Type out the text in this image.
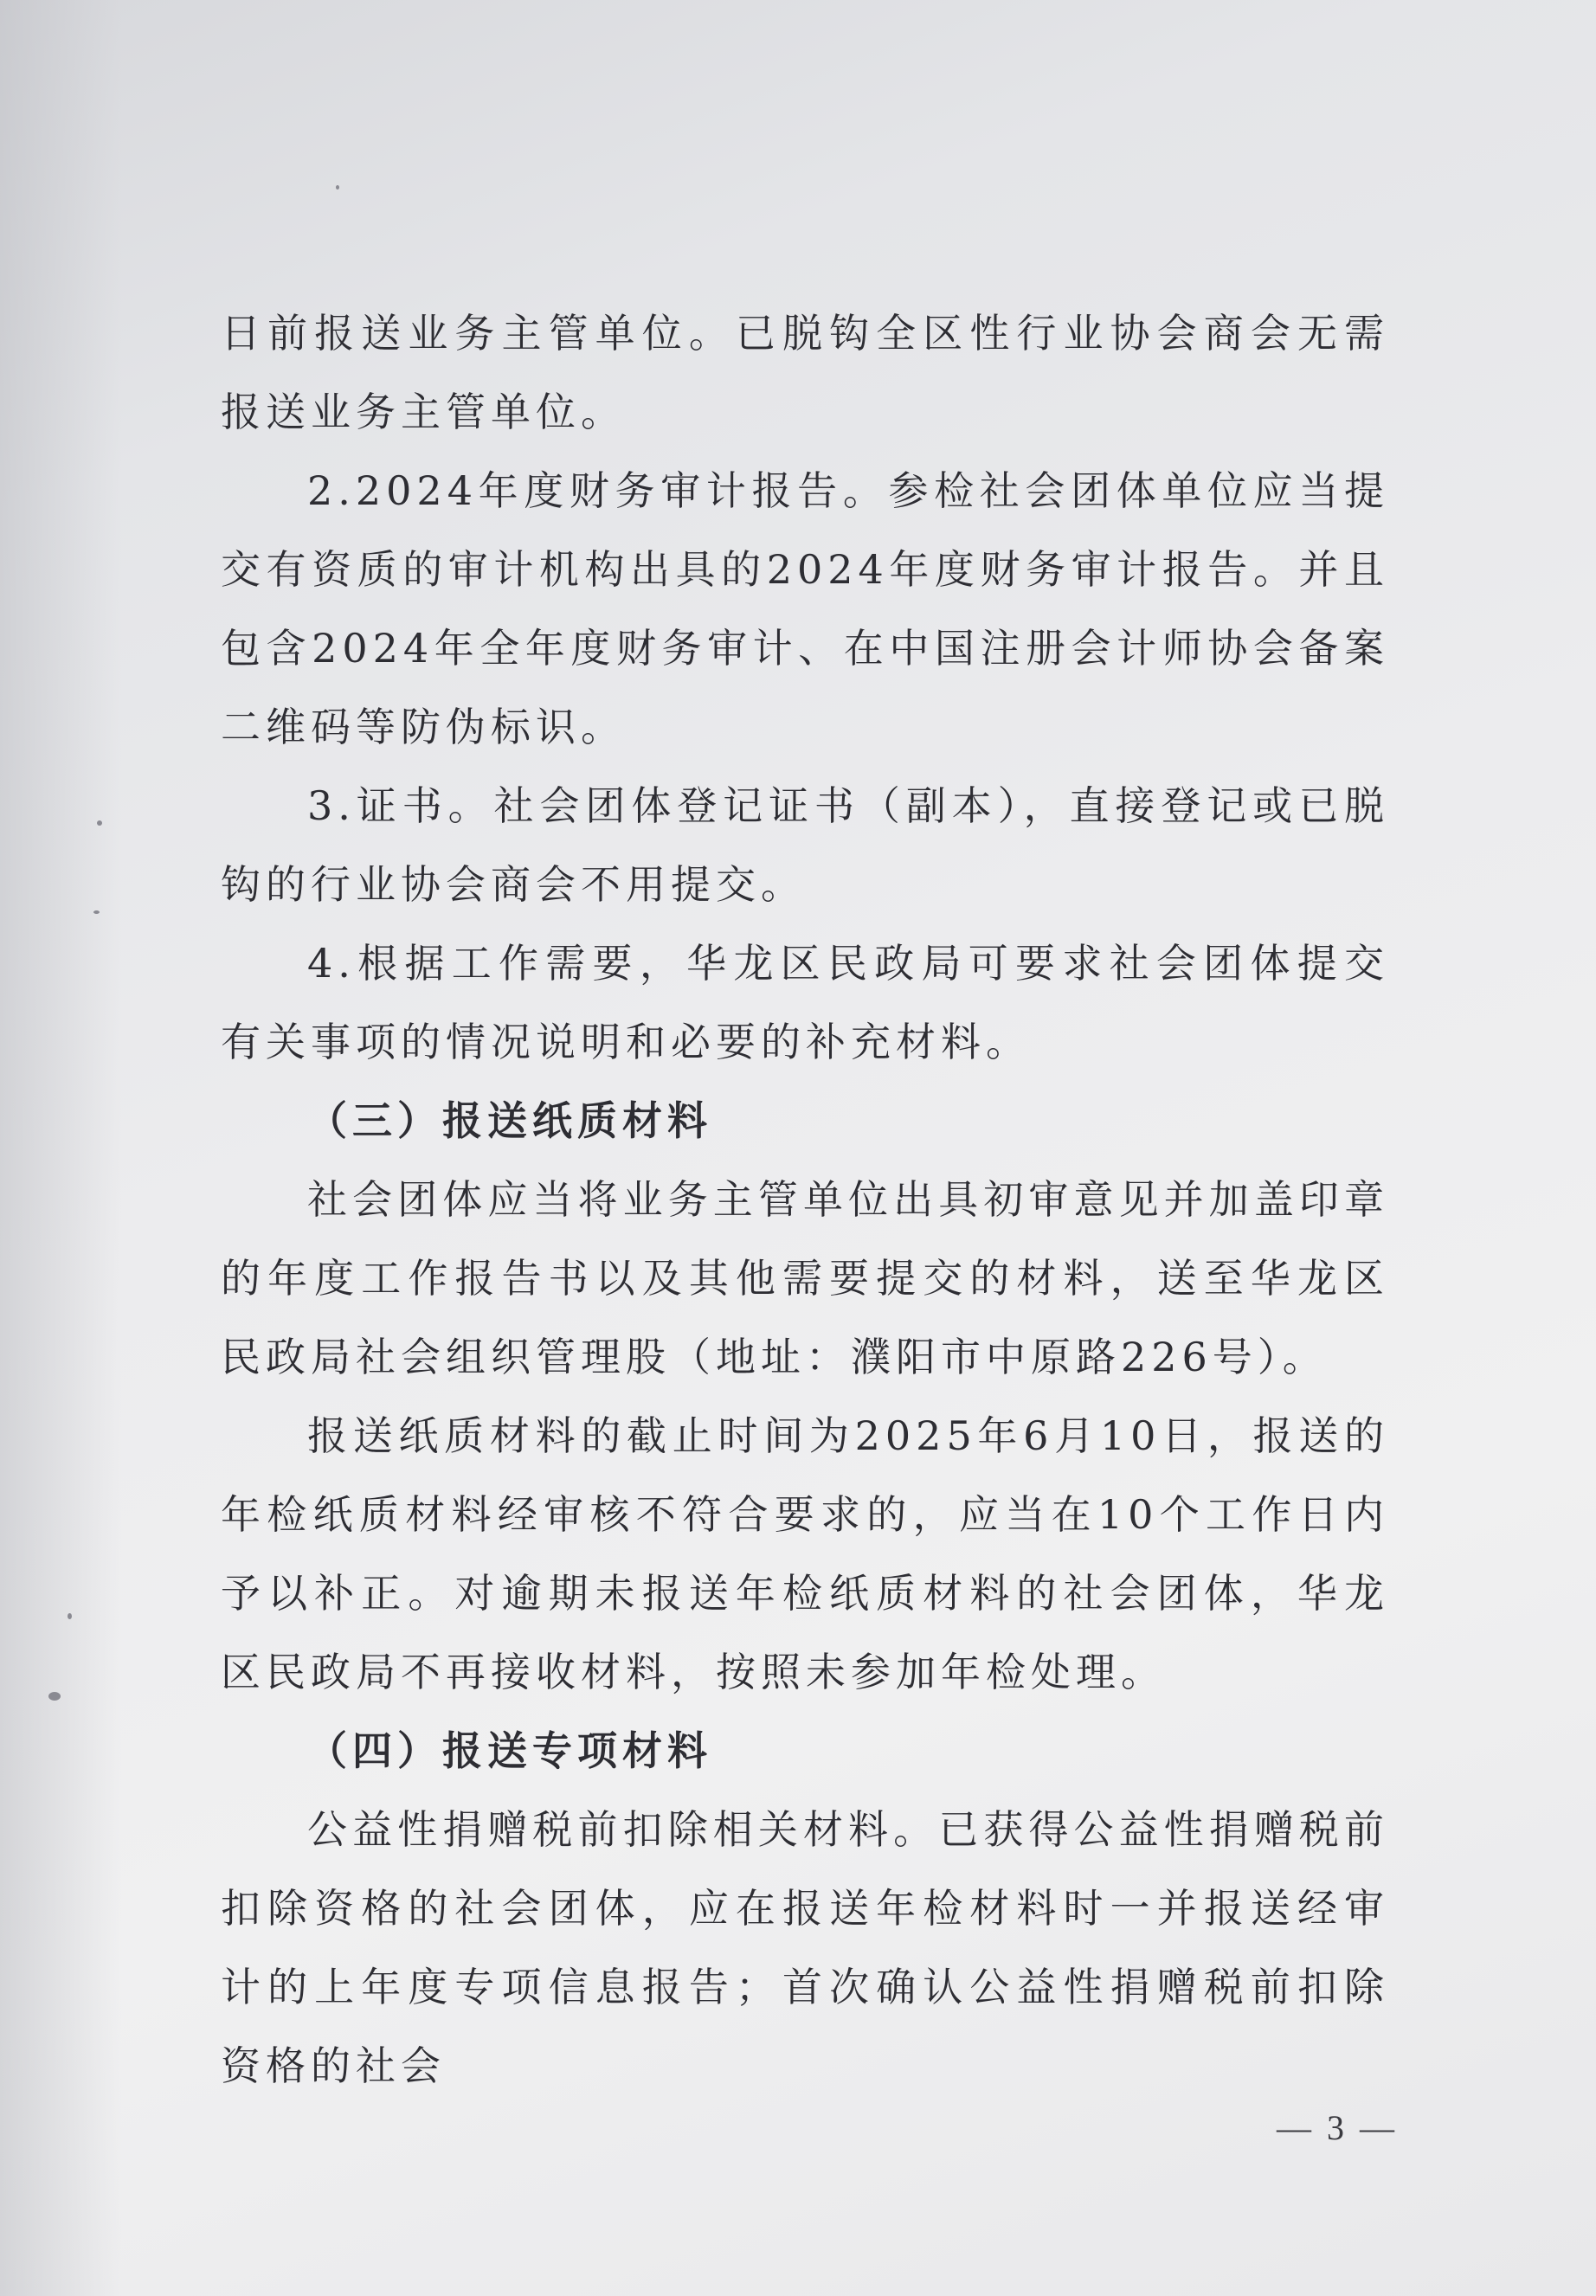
日前报送业务主管单位。已脱钩全区性行业协会商会无需报送业务主管单位。

2.2024年度财务审计报告。参检社会团体单位应当提交有资质的审计机构出具的2024年度财务审计报告。并且包含2024年全年度财务审计、在中国注册会计师协会备案二维码等防伪标识。

3.证书。社会团体登记证书（副本），直接登记或已脱钩的行业协会商会不用提交。

4.根据工作需要，华龙区民政局可要求社会团体提交有关事项的情况说明和必要的补充材料。

（三）报送纸质材料

社会团体应当将业务主管单位出具初审意见并加盖印章的年度工作报告书以及其他需要提交的材料，送至华龙区民政局社会组织管理股（地址：濮阳市中原路226号）。

报送纸质材料的截止时间为2025年6月10日，报送的年检纸质材料经审核不符合要求的，应当在10个工作日内予以补正。对逾期未报送年检纸质材料的社会团体，华龙区民政局不再接收材料，按照未参加年检处理。

（四）报送专项材料

公益性捐赠税前扣除相关材料。已获得公益性捐赠税前扣除资格的社会团体，应在报送年检材料时一并报送经审计的上年度专项信息报告；首次确认公益性捐赠税前扣除资格的社会

— 3 —
